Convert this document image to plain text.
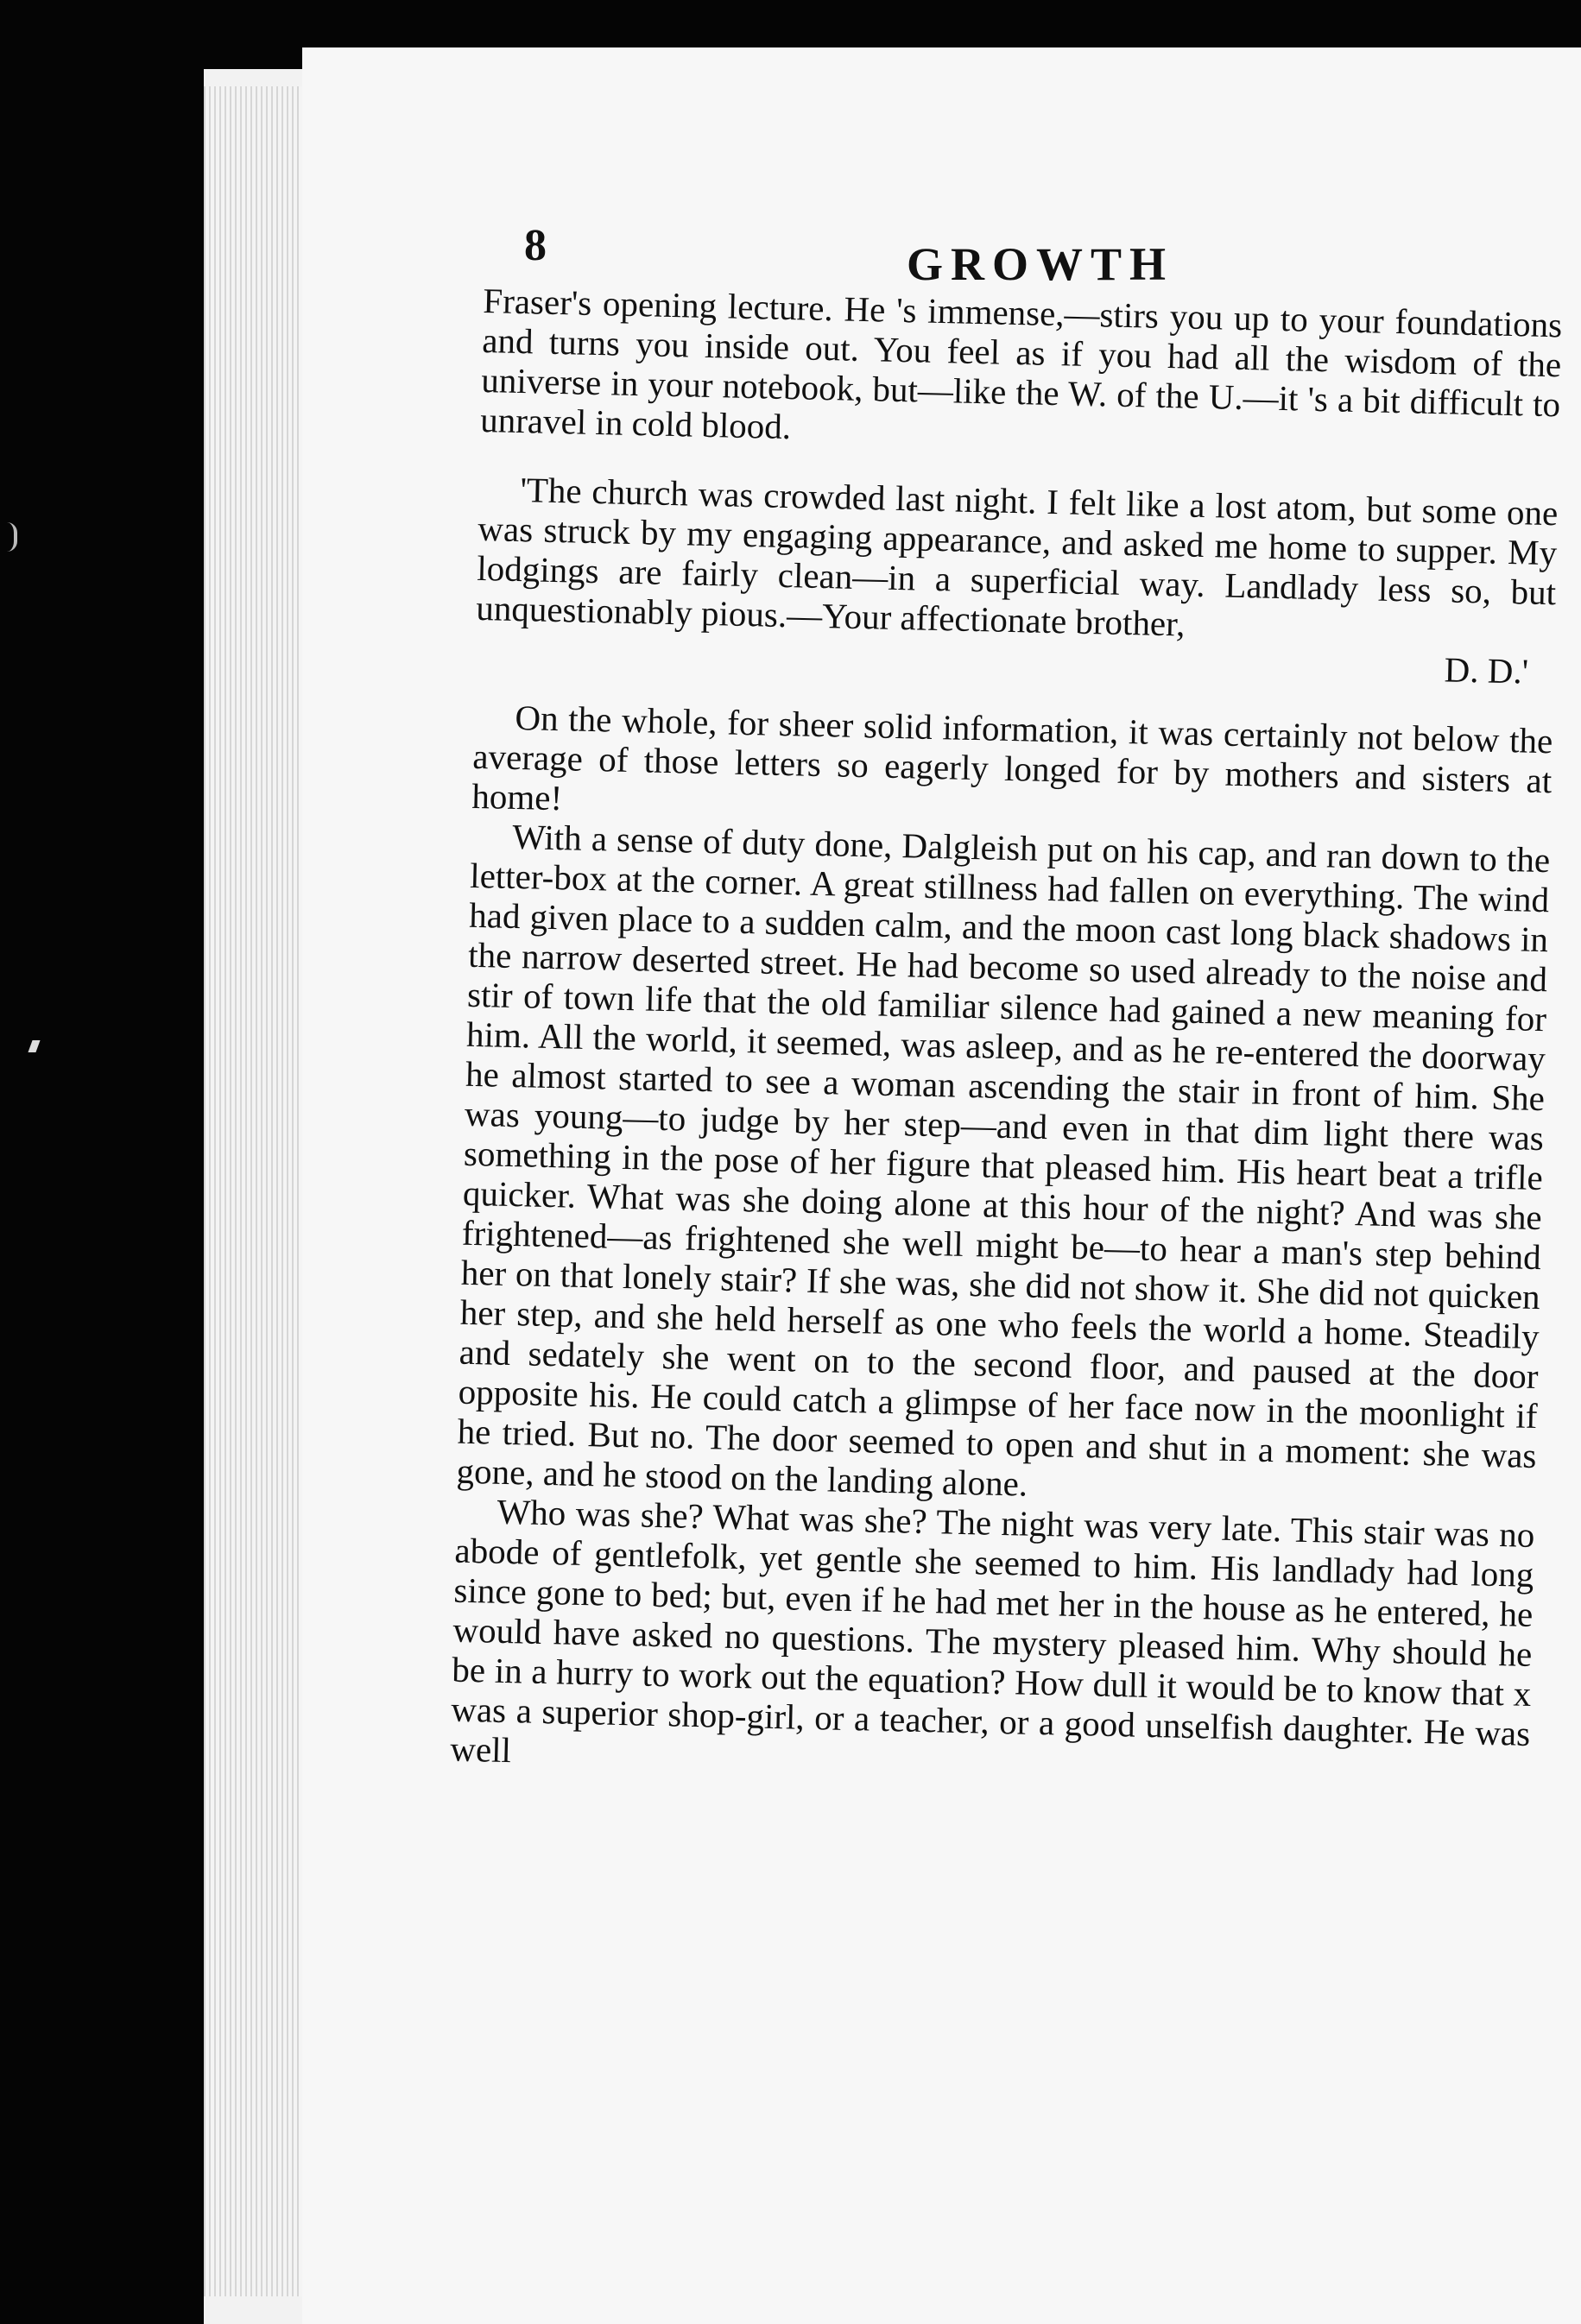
8	GROWTH

Fraser's opening lecture. He 's immense,—stirs you up to your foundations and turns you inside out. You feel as if you had all the wisdom of the universe in your notebook, but—like the W. of the U.—it 's a bit difficult to unravel in cold blood.

'The church was crowded last night. I felt like a lost atom, but some one was struck by my engaging appearance, and asked me home to supper. My lodgings are fairly clean—in a superficial way. Landlady less so, but unquestionably pious.—Your affectionate brother,

D. D.'

On the whole, for sheer solid information, it was certainly not below the average of those letters so eagerly longed for by mothers and sisters at home!

With a sense of duty done, Dalgleish put on his cap, and ran down to the letter-box at the corner. A great stillness had fallen on everything. The wind had given place to a sudden calm, and the moon cast long black shadows in the narrow deserted street. He had become so used already to the noise and stir of town life that the old familiar silence had gained a new meaning for him. All the world, it seemed, was asleep, and as he re-entered the doorway he almost started to see a woman ascending the stair in front of him. She was young—to judge by her step—and even in that dim light there was something in the pose of her figure that pleased him. His heart beat a trifle quicker. What was she doing alone at this hour of the night? And was she frightened—as frightened she well might be—to hear a man's step behind her on that lonely stair? If she was, she did not show it. She did not quicken her step, and she held herself as one who feels the world a home. Steadily and sedately she went on to the second floor, and paused at the door opposite his. He could catch a glimpse of her face now in the moonlight if he tried. But no. The door seemed to open and shut in a moment: she was gone, and he stood on the landing alone.

Who was she? What was she? The night was very late. This stair was no abode of gentlefolk, yet gentle she seemed to him. His landlady had long since gone to bed; but, even if he had met her in the house as he entered, he would have asked no questions. The mystery pleased him. Why should he be in a hurry to work out the equation? How dull it would be to know that x was a superior shop-girl, or a teacher, or a good unselfish daughter. He was well
